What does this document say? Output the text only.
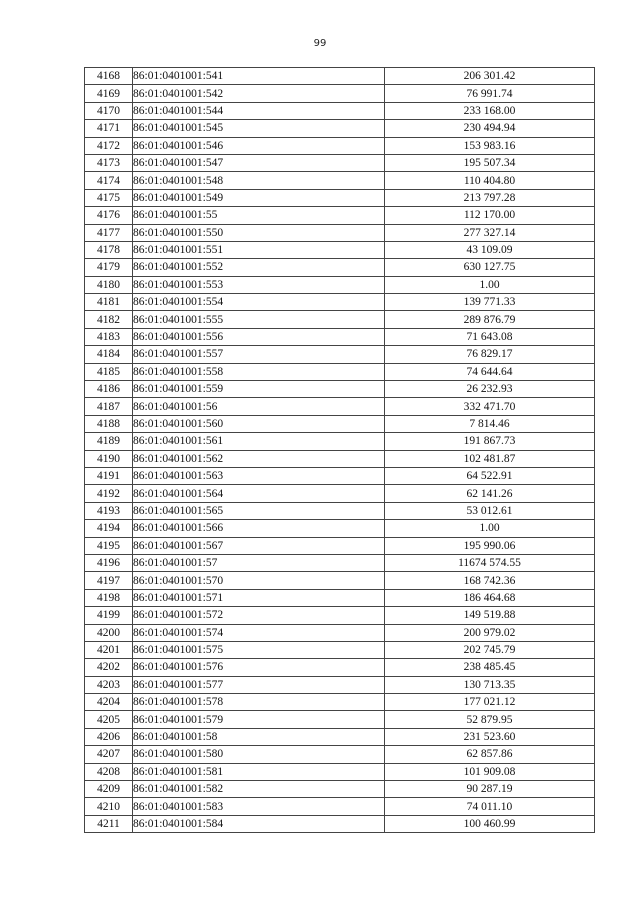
99
4168	86:01:0401001:541	206 301.42
4169	86:01:0401001:542	76 991.74
4170	86:01:0401001:544	233 168.00
4171	86:01:0401001:545	230 494.94
4172	86:01:0401001:546	153 983.16
4173	86:01:0401001:547	195 507.34
4174	86:01:0401001:548	110 404.80
4175	86:01:0401001:549	213 797.28
4176	86:01:0401001:55	112 170.00
4177	86:01:0401001:550	277 327.14
4178	86:01:0401001:551	43 109.09
4179	86:01:0401001:552	630 127.75
4180	86:01:0401001:553	1.00
4181	86:01:0401001:554	139 771.33
4182	86:01:0401001:555	289 876.79
4183	86:01:0401001:556	71 643.08
4184	86:01:0401001:557	76 829.17
4185	86:01:0401001:558	74 644.64
4186	86:01:0401001:559	26 232.93
4187	86:01:0401001:56	332 471.70
4188	86:01:0401001:560	7 814.46
4189	86:01:0401001:561	191 867.73
4190	86:01:0401001:562	102 481.87
4191	86:01:0401001:563	64 522.91
4192	86:01:0401001:564	62 141.26
4193	86:01:0401001:565	53 012.61
4194	86:01:0401001:566	1.00
4195	86:01:0401001:567	195 990.06
4196	86:01:0401001:57	11674 574.55
4197	86:01:0401001:570	168 742.36
4198	86:01:0401001:571	186 464.68
4199	86:01:0401001:572	149 519.88
4200	86:01:0401001:574	200 979.02
4201	86:01:0401001:575	202 745.79
4202	86:01:0401001:576	238 485.45
4203	86:01:0401001:577	130 713.35
4204	86:01:0401001:578	177 021.12
4205	86:01:0401001:579	52 879.95
4206	86:01:0401001:58	231 523.60
4207	86:01:0401001:580	62 857.86
4208	86:01:0401001:581	101 909.08
4209	86:01:0401001:582	90 287.19
4210	86:01:0401001:583	74 011.10
4211	86:01:0401001:584	100 460.99
